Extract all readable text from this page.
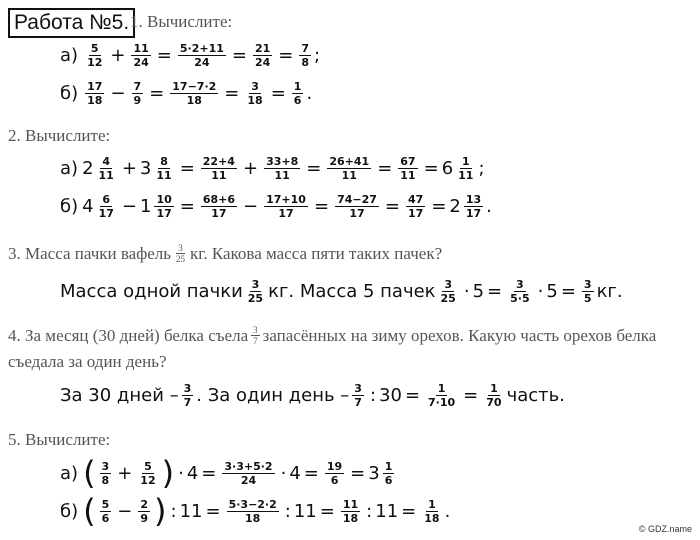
Работа №5. 1. Вычислите:
а) 5
$12 + \frac{11}{24} = \frac{5\cdot 2+11}{24} = \frac{21}{24} = \frac{7}{8}$ ;
б) 17
$18 - \frac{7}{9} = \frac{17-7\cdot 2}{18} = \frac{3}{18} = \frac{1}{6}$ .
2. Вычислите:
а) 2 4
$11 + 3 \frac{8}{11} = \frac{22+4}{11} + \frac{33+8}{11} = \frac{26+41}{11} = \frac{67}{11} = 6$ 1
11 ;
б) 4 6
$17 - 1 \frac{10}{17} = \frac{68+6}{17} - \frac{17+10}{17} = \frac{74-27}{17} = \frac{47}{17} = 2$ 13
17 .
3. Масса пачки вафель 3
25 кг. Какова масса пяти таких пачек?
Масса одной пачки 3
25 кг. Масса 5 пачек 3
$25 \cdot 5 = \frac{3}{5\cdot 5} \cdot 5 = \frac{3}{5}$ кг.
4. За месяц (30 дней) белка съела 3
7 запасённых на зиму орехов. Какую часть орехов белка
съедала за один день?
За 30 дней – 3
7 . За один день – 3
7 : $30 = \frac{1}{7\cdot 10} = \frac{1}{70}$ часть.
5. Вычислите:
а) ( 3
$8 + \frac{5}{12}$ ) · $4 = \frac{3\cdot 3+5\cdot 2}{24} \cdot 4 = \frac{19}{6} = 3$ 1
6
б) ( 5
$6 - \frac{2}{9}$ ) : $11 = \frac{5\cdot 3-2\cdot 2}{18}$ : $11 = \frac{11}{18}$ : $11 = \frac{1}{18}$ .
© GDZ.name
